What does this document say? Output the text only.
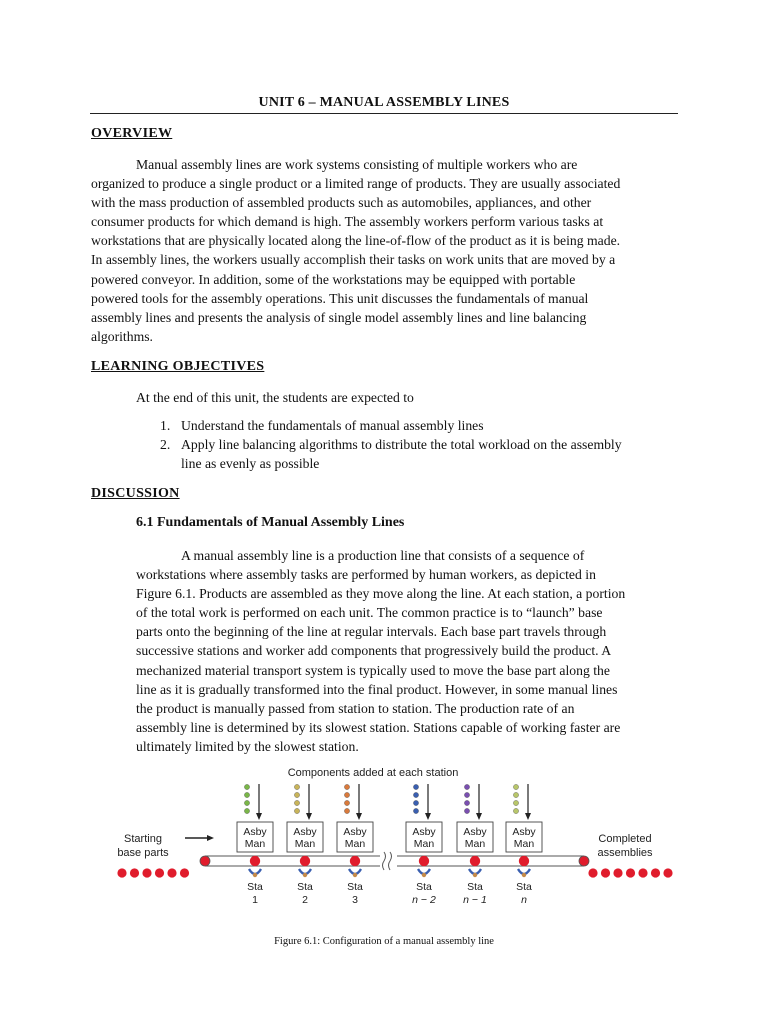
UNIT 6 – MANUAL ASSEMBLY LINES
OVERVIEW
Manual assembly lines are work systems consisting of multiple workers who are
organized to produce a single product or a limited range of products. They are usually associated
with the mass production of assembled products such as automobiles, appliances, and other
consumer products for which demand is high. The assembly workers perform various tasks at
workstations that are physically located along the line-of-flow of the product as it is being made.
In assembly lines, the workers usually accomplish their tasks on work units that are moved by a
powered conveyor. In addition, some of the workstations may be equipped with portable
powered tools for the assembly operations. This unit discusses the fundamentals of manual
assembly lines and presents the analysis of single model assembly lines and line balancing
algorithms.
LEARNING OBJECTIVES
At the end of this unit, the students are expected to
1. Understand the fundamentals of manual assembly lines
2. Apply line balancing algorithms to distribute the total workload on the assembly
line as evenly as possible
DISCUSSION
6.1 Fundamentals of Manual Assembly Lines
A manual assembly line is a production line that consists of a sequence of
workstations where assembly tasks are performed by human workers, as depicted in
Figure 6.1. Products are assembled as they move along the line. At each station, a portion
of the total work is performed on each unit. The common practice is to “launch” base
parts onto the beginning of the line at regular intervals. Each base part travels through
successive stations and worker add components that progressively build the product. A
mechanized material transport system is typically used to move the base part along the
line as it is gradually transformed into the final product. However, in some manual lines
the product is manually passed from station to station. The production rate of an
assembly line is determined by its slowest station. Stations capable of working faster are
ultimately limited by the slowest station.
Components added at each station
Starting
base parts
Completed
assemblies
Asby
Man
Sta
1
Asby
Man
Sta
2
Asby
Man
Sta
3
Asby
Man
Sta
n − 2
Asby
Man
Sta
n − 1
Asby
Man
Sta
n
Figure 6.1: Configuration of a manual assembly line
